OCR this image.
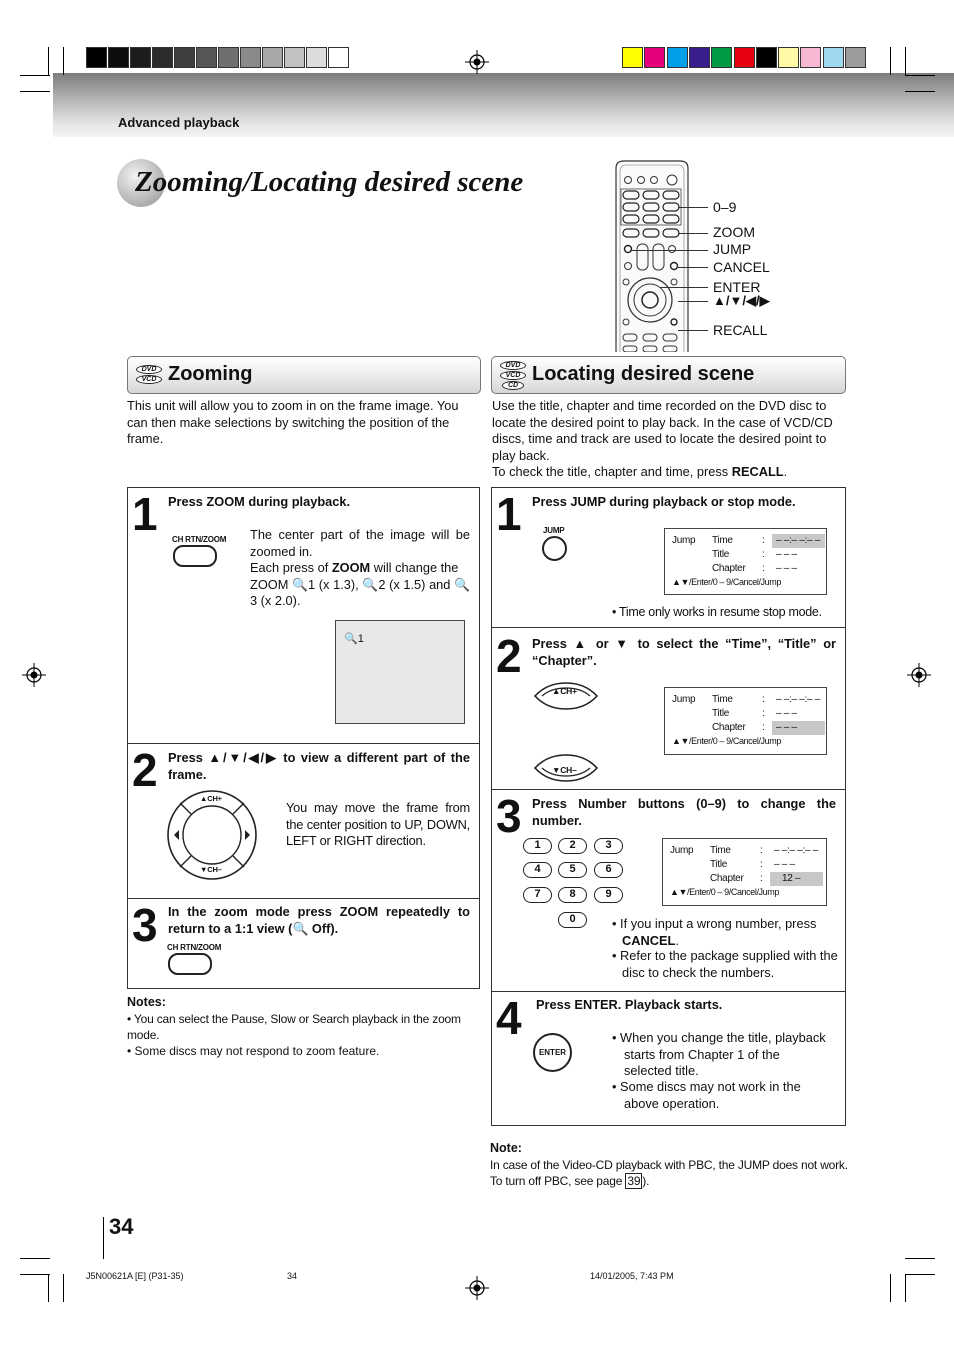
Advanced playback
Zooming/Locating desired scene
0–9
ZOOM
JUMP
CANCEL
ENTER
▲/▼/◀/▶
RECALL
DVD
VCD Zooming
This unit will allow you to zoom in on the frame image. You can then make selections by switching the position of the frame.
1 Press ZOOM during playback.
CH RTN/ZOOM The center part of the image will be zoomed in.
Each press of ZOOM will change the
ZOOM 🔍1 (x 1.3), 🔍2 (x 1.5) and 🔍3 (x 2.0).
🔍1
2 Press ▲/▼/◀/▶ to view a different part of the frame.
▲CH+
▼CH–
You may move the frame from the center position to UP, DOWN, LEFT or RIGHT direction.
3 In the zoom mode press ZOOM repeatedly to return to a 1:1 view (🔍 Off).
CH RTN/ZOOM
Notes:
• You can select the Pause, Slow or Search playback in the zoom mode.
• Some discs may not respond to zoom feature.
DVD
VCD
CD
Locating desired scene
Use the title, chapter and time recorded on the DVD disc to locate the desired point to play back. In the case of VCD/CD discs, time and track are used to locate the desired point to play back.
To check the title, chapter and time, press RECALL.
1 Press JUMP during playback or stop mode.
JUMP
Jump	Time	:	– –:– –:– –
Title	:	– – –
Chapter	:	– – –
▲▼/Enter/0 – 9/Cancel/Jump
• Time only works in resume stop mode.
2 Press ▲ or ▼ to select the “Time”, “Title” or “Chapter”.
▲CH+
▼CH–
Jump	Time	:	– –:– –:– –
Title	:	– – –
Chapter	:	– – –
▲▼/Enter/0 – 9/Cancel/Jump
3 Press Number buttons (0–9) to change the number.
1	2	3
4	5	6
7	8	9
0
Jump	Time	:	– –:– –:– –
Title	:	– – –
Chapter	:	12 –
▲▼/Enter/0 – 9/Cancel/Jump
• If you input a wrong number, press
CANCEL.
• Refer to the package supplied with the disc to check the numbers.
4 Press ENTER. Playback starts.
ENTER
• When you change the title, playback starts from Chapter 1 of the selected title.
• Some discs may not work in the above operation.
Note:
In case of the Video-CD playback with PBC, the JUMP does not work. To turn off PBC, see page 39 ).
34
J5N00621A [E] (P31-35)	34	14/01/2005, 7:43 PM
